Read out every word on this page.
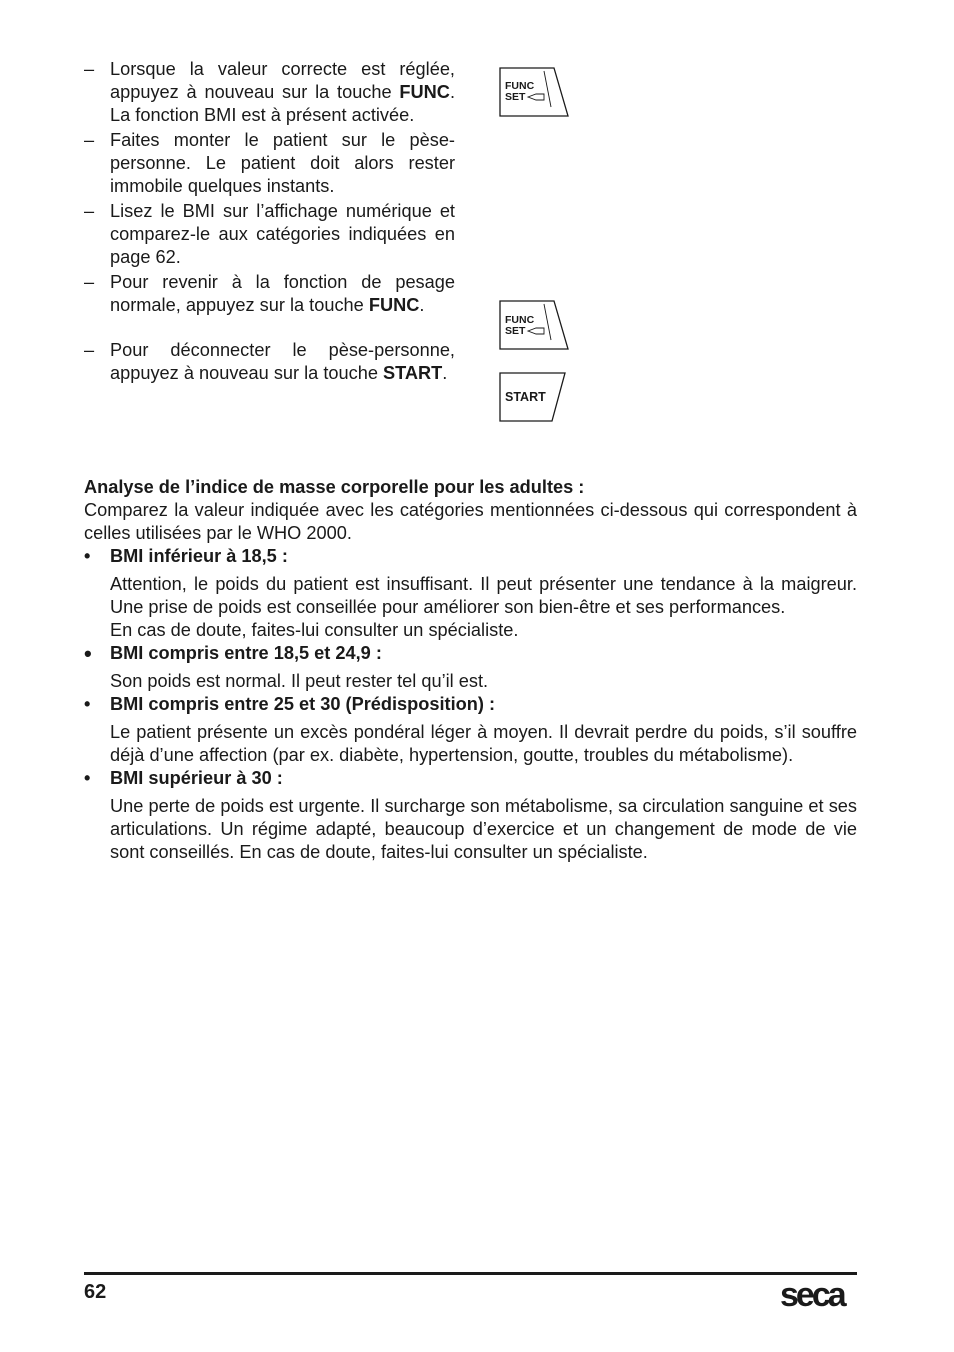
– Lorsque la valeur correcte est réglée, appuyez à nouveau sur la touche FUNC. La fonction BMI est à présent activée.
– Faites monter le patient sur le pèse-personne. Le patient doit alors rester immobile quelques instants.
– Lisez le BMI sur l’affichage numérique et comparez-le aux catégories indiquées en page 62.
– Pour revenir à la fonction de pesage normale, appuyez sur la touche FUNC.
– Pour déconnecter le pèse-personne, appuyez à nouveau sur la touche START.
FUNC
SET
FUNC
SET
START

Analyse de l’indice de masse corporelle pour les adultes :

Comparez la valeur indiquée avec les catégories mentionnées ci-dessous qui correspondent à celles utilisées par le WHO 2000.

• BMI inférieur à 18,5 :

Attention, le poids du patient est insuffisant. Il peut présenter une tendance à la maigreur. Une prise de poids est conseillée pour améliorer son bien-être et ses performances.

En cas de doute, faites-lui consulter un spécialiste.

• BMI compris entre 18,5 et 24,9 :

Son poids est normal. Il peut rester tel qu’il est.

• BMI compris entre 25 et 30 (Prédisposition) :

Le patient présente un excès pondéral léger à moyen. Il devrait perdre du poids, s’il souffre déjà d’une affection (par ex. diabète, hypertension, goutte, troubles du métabolisme).

• BMI supérieur à 30 :

Une perte de poids est urgente. Il surcharge son métabolisme, sa circulation sanguine et ses articulations. Un régime adapté, beaucoup d’exercice et un changement de mode de vie sont conseillés. En cas de doute, faites-lui consulter un spécialiste.

62	seca
